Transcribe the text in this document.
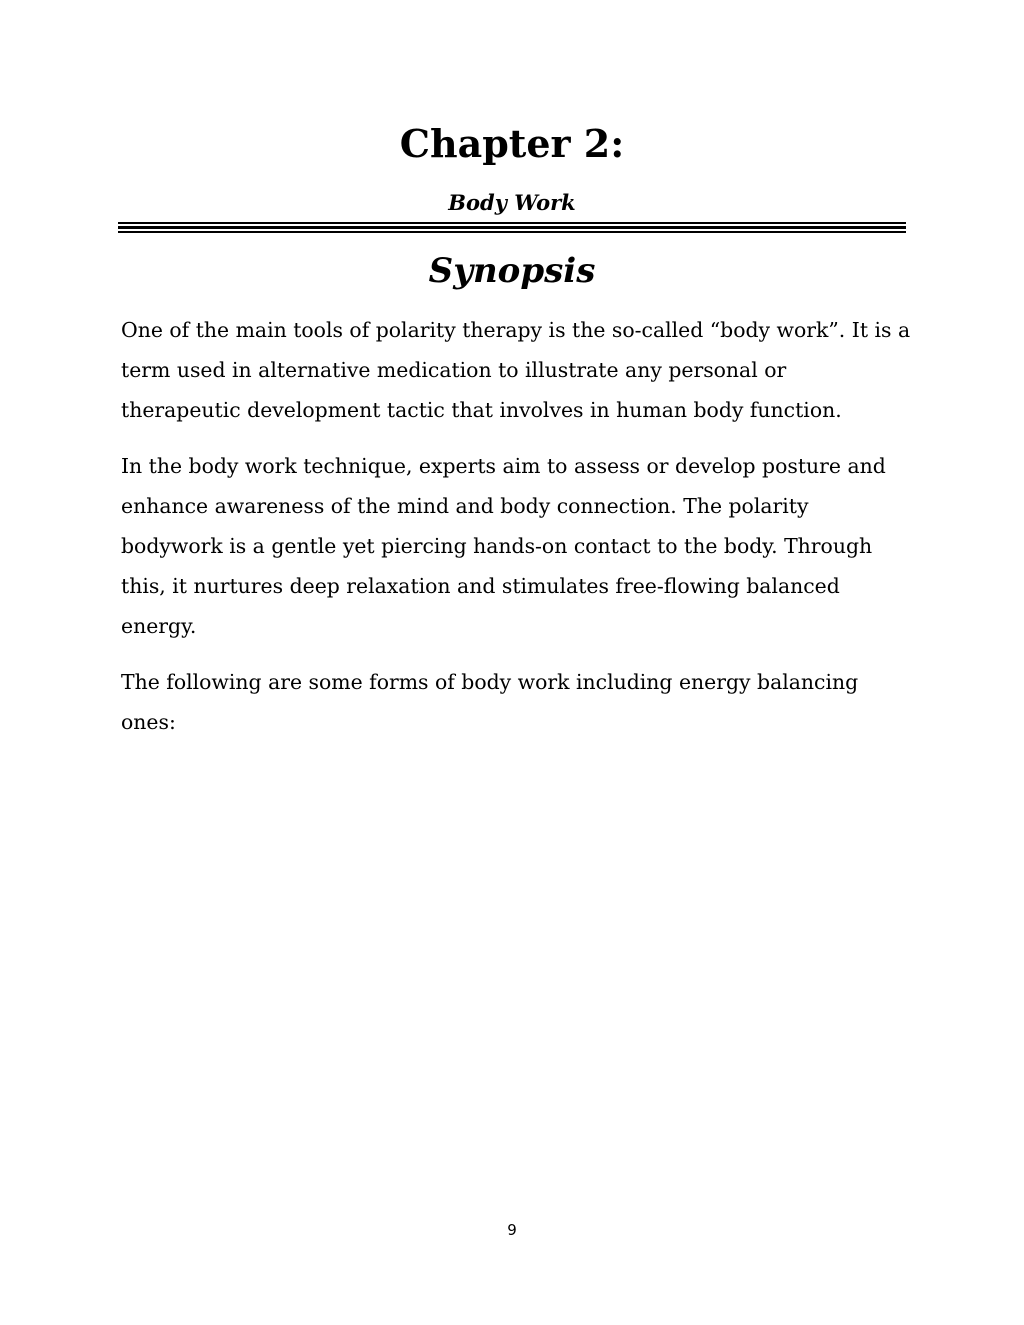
Chapter 2:
Body Work
Synopsis

One of the main tools of polarity therapy is the so-called “body work”. It is a term used in alternative medication to illustrate any personal or therapeutic development tactic that involves in human body function.

In the body work technique, experts aim to assess or develop posture and enhance awareness of the mind and body connection. The polarity bodywork is a gentle yet piercing hands-on contact to the body. Through this, it nurtures deep relaxation and stimulates free-flowing balanced energy.

The following are some forms of body work including energy balancing ones:

9
